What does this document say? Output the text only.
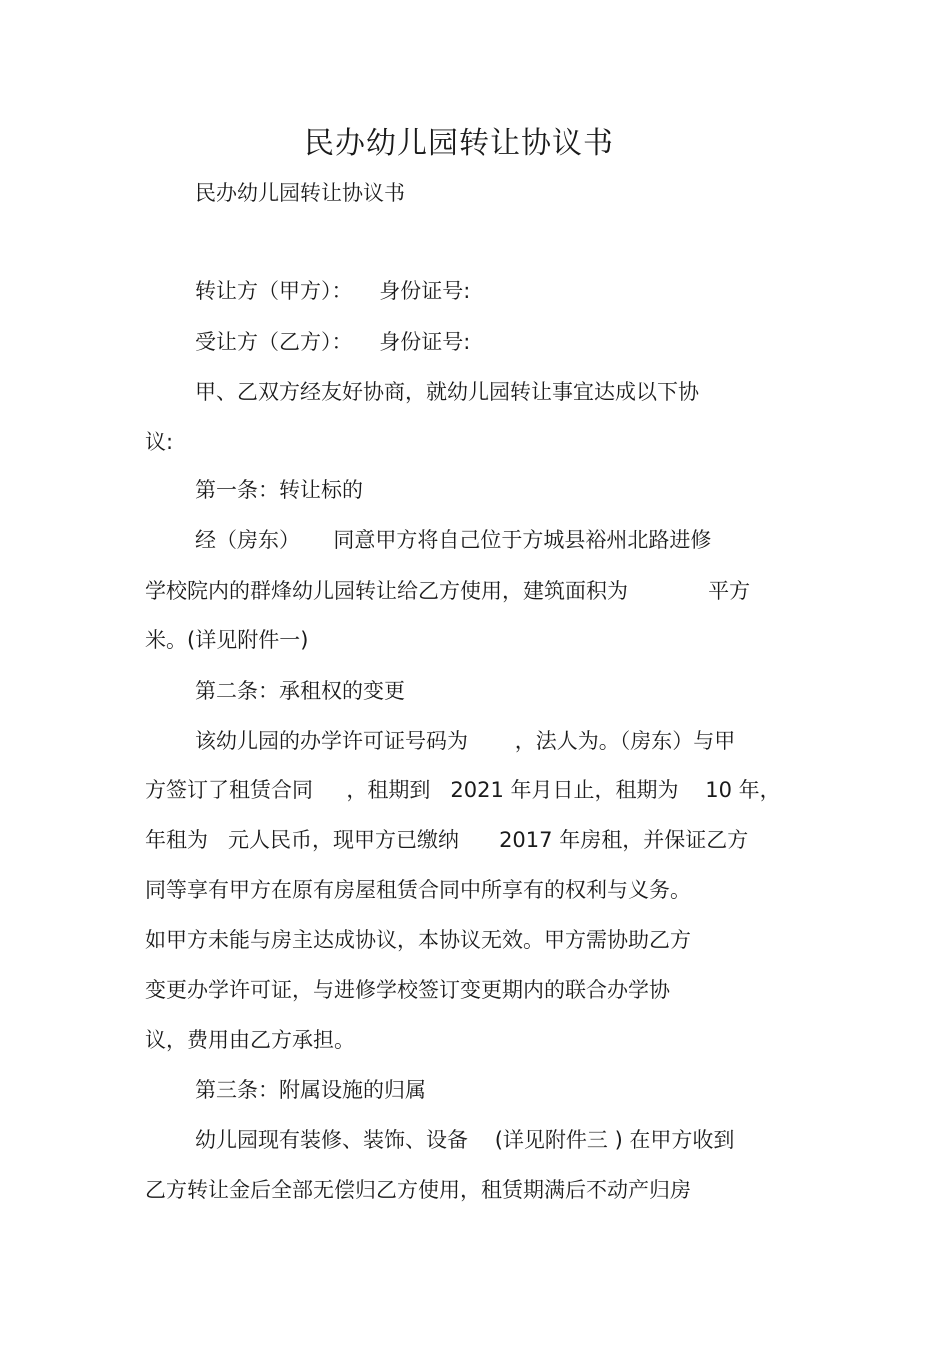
民办幼儿园转让协议书

民办幼儿园转让协议书

转让方（甲方）：    身份证号:

受让方（乙方）：    身份证号:

甲、乙双方经友好协商，就幼儿园转让事宜达成以下协

议:

第一条：转让标的

经（房东）     同意甲方将自己位于方城县裕州北路进修

学校院内的群烽幼儿园转让给乙方使用，建筑面积为            平方

米。(详见附件一)

第二条：承租权的变更

该幼儿园的办学许可证号码为       ，法人为。（房东）与甲

方签订了租赁合同     ，租期到   2021 年月日止，租期为    10 年，

年租为   元人民币，现甲方已缴纳      2017 年房租，并保证乙方

同等享有甲方在原有房屋租赁合同中所享有的权利与义务。

如甲方未能与房主达成协议，本协议无效。甲方需协助乙方

变更办学许可证，与进修学校签订变更期内的联合办学协

议，费用由乙方承担。

第三条：附属设施的归属

幼儿园现有装修、装饰、设备    (详见附件三 ) 在甲方收到

乙方转让金后全部无偿归乙方使用，租赁期满后不动产归房
